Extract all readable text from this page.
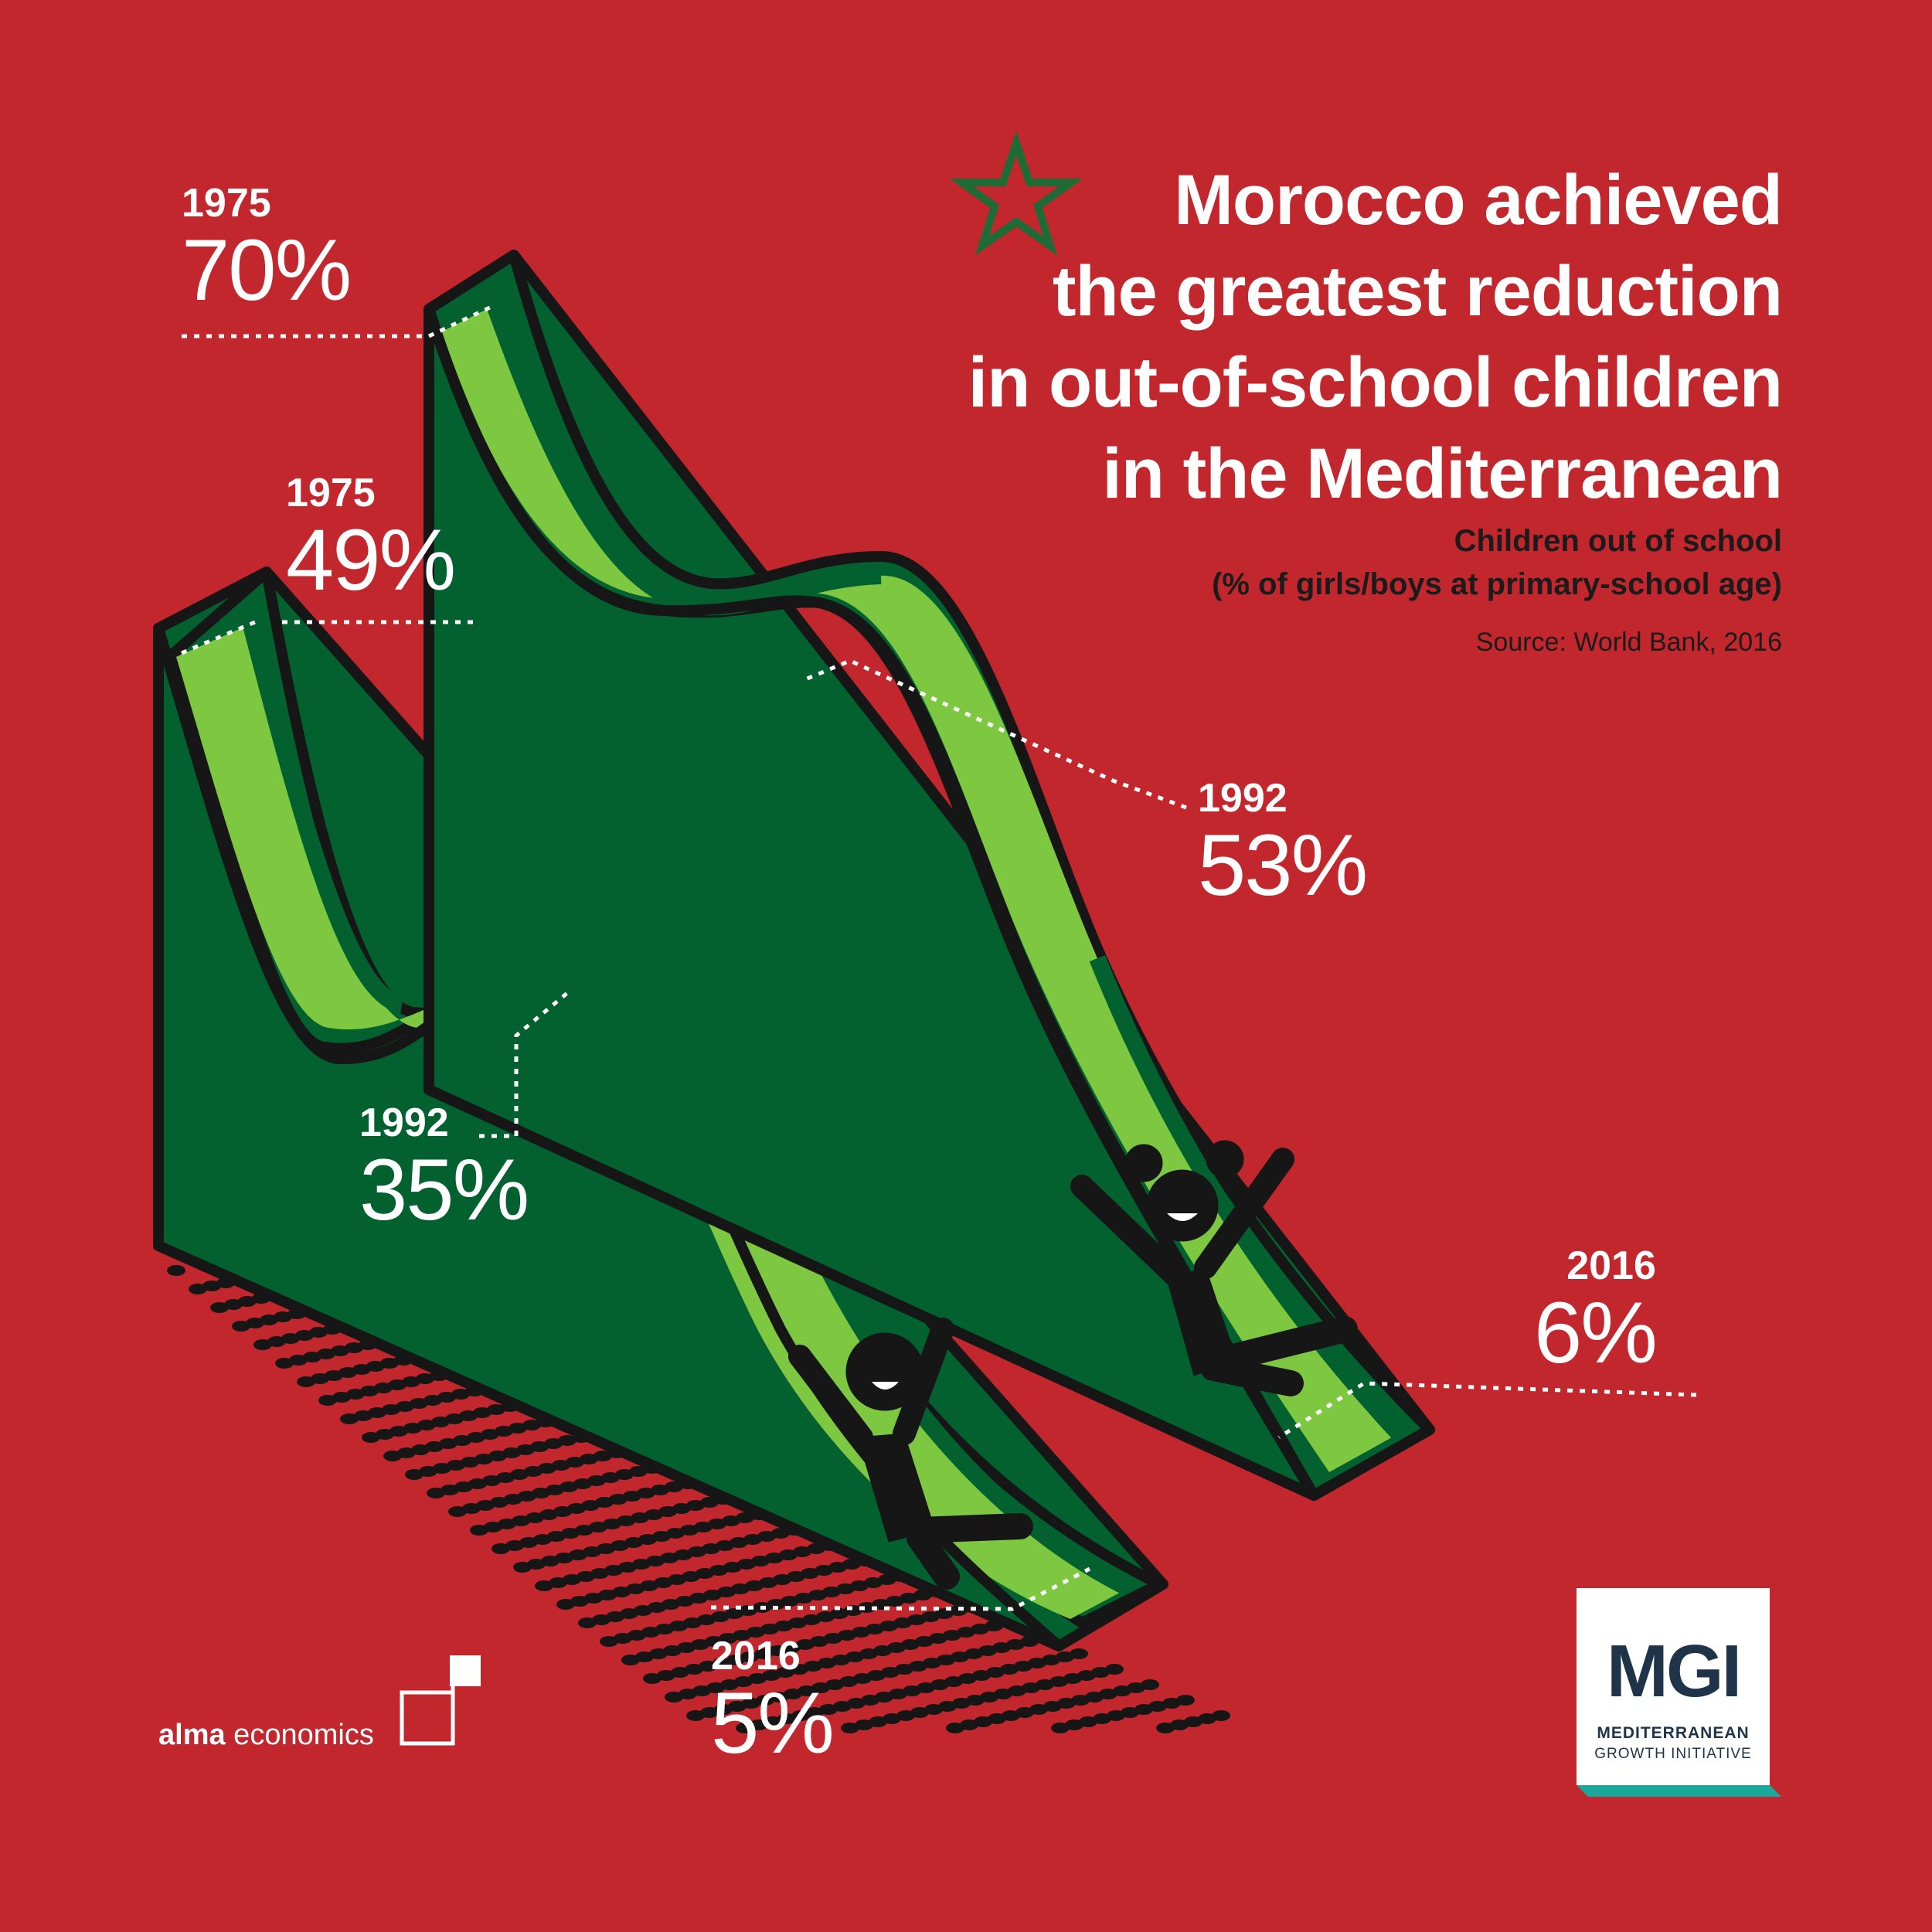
Morocco achieved
the greatest reduction
in out-of-school children
in the Mediterranean
Children out of school
(% of girls/boys at primary-school age)
Source: World Bank, 2016
1975
70%
1992
53%
2016
6%
1975
49%
1992
35%
2016
5%
alma economics
MGI
MEDITERRANEAN
GROWTH INITIATIVE
